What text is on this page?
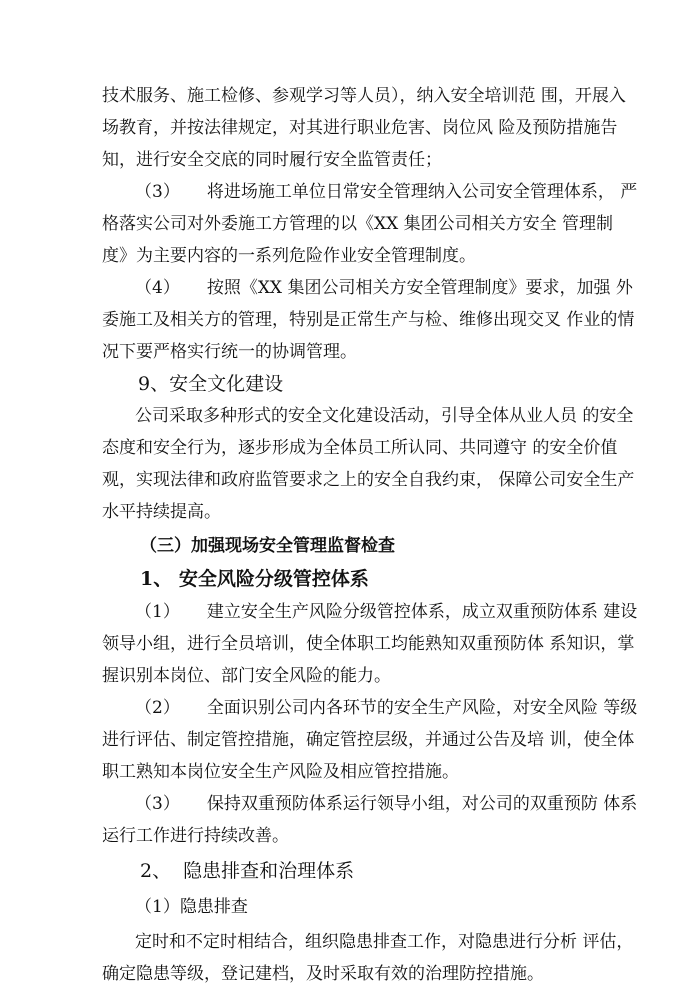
技术服务、施工检修、参观学习等人员），纳入安全培训范 围，开展入
场教育，并按法律规定，对其进行职业危害、岗位风 险及预防措施告
知，进行安全交底的同时履行安全监管责任；
（3）     将进场施工单位日常安全管理纳入公司安全管理体系， 严
格落实公司对外委施工方管理的以《XX 集团公司相关方安全 管理制
度》为主要内容的一系列危险作业安全管理制度。
（4）     按照《XX 集团公司相关方安全管理制度》要求，加强 外
委施工及相关方的管理，特别是正常生产与检、维修出现交叉 作业的情
况下要严格实行统一的协调管理。
9、安全文化建设
公司采取多种形式的安全文化建设活动，引导全体从业人员 的安全
态度和安全行为，逐步形成为全体员工所认同、共同遵守 的安全价值
观，实现法律和政府监管要求之上的安全自我约束， 保障公司安全生产
水平持续提高。
（三）加强现场安全管理监督检查
1、 安全风险分级管控体系
（1）     建立安全生产风险分级管控体系，成立双重预防体系 建设
领导小组，进行全员培训，使全体职工均能熟知双重预防体 系知识，掌
握识别本岗位、部门安全风险的能力。
（2）     全面识别公司内各环节的安全生产风险，对安全风险 等级
进行评估、制定管控措施，确定管控层级，并通过公告及培 训，使全体
职工熟知本岗位安全生产风险及相应管控措施。
（3）     保持双重预防体系运行领导小组，对公司的双重预防 体系
运行工作进行持续改善。
2、  隐患排查和治理体系
（1）隐患排查
定时和不定时相结合，组织隐患排查工作，对隐患进行分析 评估，
确定隐患等级，登记建档，及时采取有效的治理防控措施。
